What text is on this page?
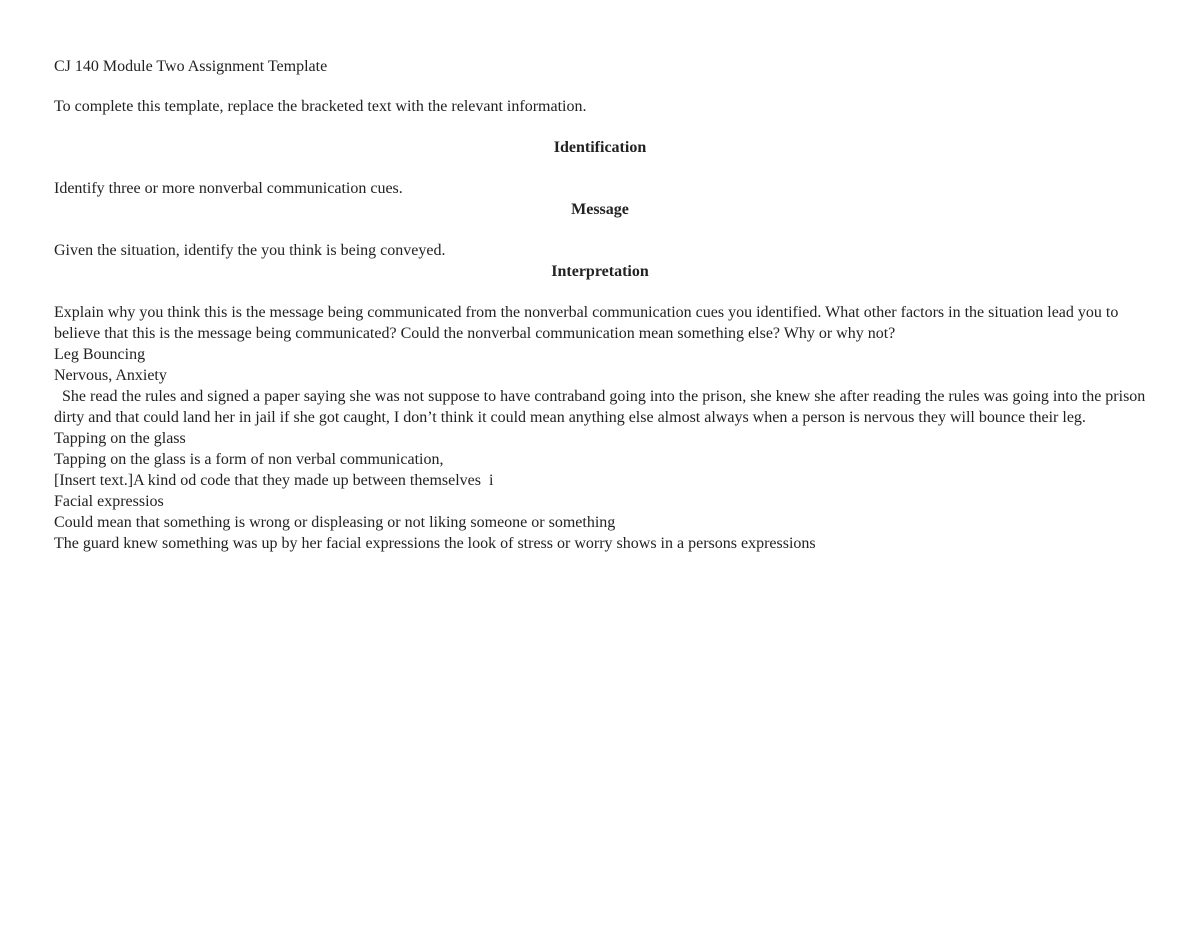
CJ 140 Module Two Assignment Template
To complete this template, replace the bracketed text with the relevant information.
Identification
Identify three or more nonverbal communication cues.
Message
Given the situation, identify the you think is being conveyed.
Interpretation
Explain why you think this is the message being communicated from the nonverbal communication cues you identified. What other factors in the situation lead you to believe that this is the message being communicated? Could the nonverbal communication mean something else? Why or why not?
Leg Bouncing
Nervous, Anxiety
She read the rules and signed a paper saying she was not suppose to have contraband going into the prison, she knew she after reading the rules was going into the prison dirty and that could land her in jail if she got caught, I don’t think it could mean anything else almost always when a person is nervous they will bounce their leg.
Tapping on the glass
Tapping on the glass is a form of non verbal communication,
[Insert text.]A kind od code that they made up between themselves  i
Facial expressios
Could mean that something is wrong or displeasing or not liking someone or something
The guard knew something was up by her facial expressions the look of stress or worry shows in a persons expressions
